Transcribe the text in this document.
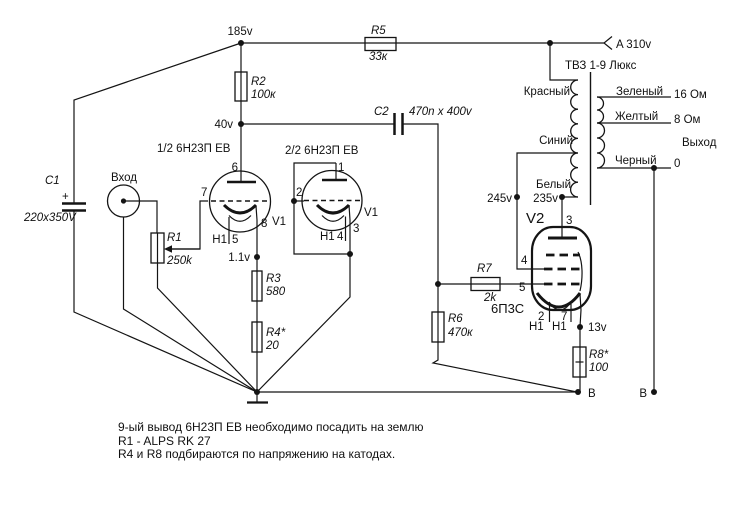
185v
40v
1.1v
245v 235v
13v
A 310v
B	B
Вход
R1
250k
R2
100к
R3
580
R4*
20
R5
33к
R6
470к
R7
2k
R8*
100
C1
+
220x350V
C2 470n x 400v
1/2 6Н23П ЕВ
6
7
8
H1 5
V1
2/2 6Н23П ЕВ
1
2
3
H1 4
V1	V2
6П3С
3
4
5
2 7
H1 H1
ТВЗ 1-9 Люкс
Красный
Синий
Белый
Зеленый
Желтый
Черный
16 Ом
8 Ом
Выход
0
9-ый вывод 6Н23П ЕВ необходимо посадить на землю
R1 - ALPS RK 27
R4 и R8 подбираются по напряжению на катодах.
